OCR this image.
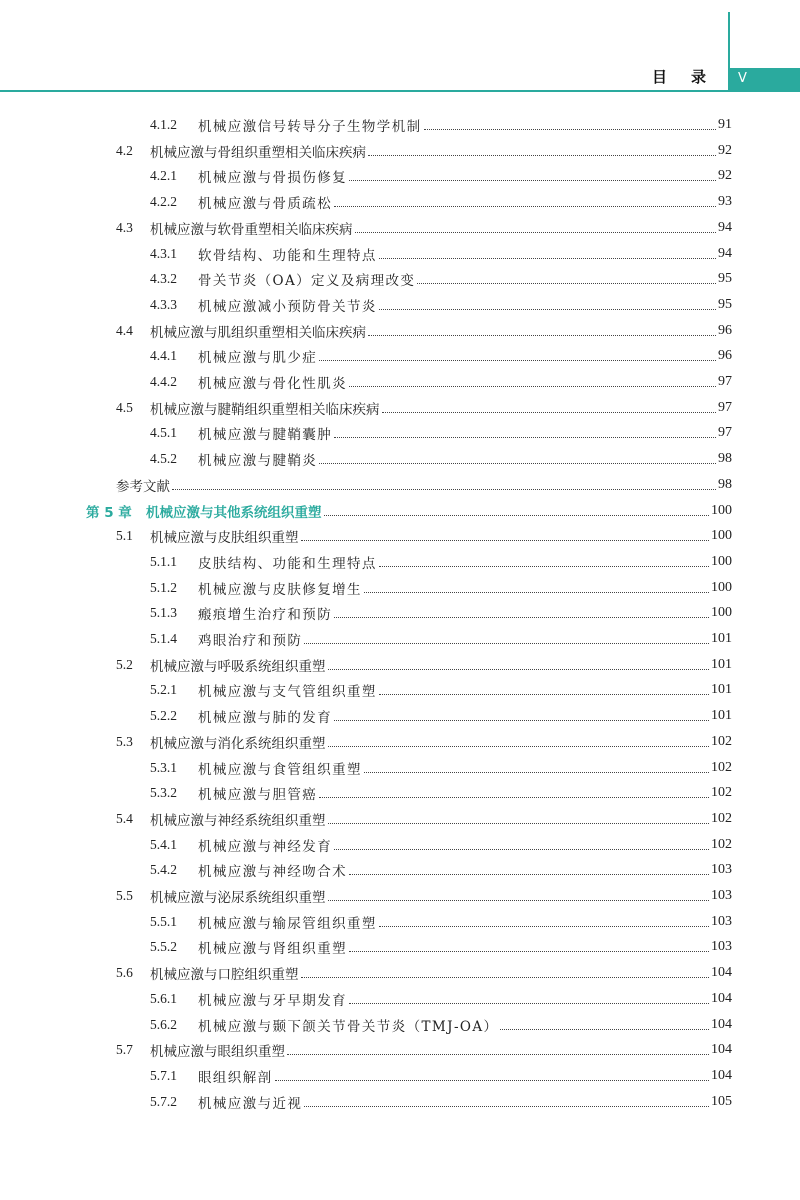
目 录	V
4.1.2	机械应激信号转导分子生物学机制	91
4.2	机械应激与骨组织重塑相关临床疾病	92
4.2.1	机械应激与骨损伤修复	92
4.2.2	机械应激与骨质疏松	93
4.3	机械应激与软骨重塑相关临床疾病	94
4.3.1	软骨结构、功能和生理特点	94
4.3.2	骨关节炎（OA）定义及病理改变	95
4.3.3	机械应激减小预防骨关节炎	95
4.4	机械应激与肌组织重塑相关临床疾病	96
4.4.1	机械应激与肌少症	96
4.4.2	机械应激与骨化性肌炎	97
4.5	机械应激与腱鞘组织重塑相关临床疾病	97
4.5.1	机械应激与腱鞘囊肿	97
4.5.2	机械应激与腱鞘炎	98
参考文献	98
第 5 章	机械应激与其他系统组织重塑	100
5.1	机械应激与皮肤组织重塑	100
5.1.1	皮肤结构、功能和生理特点	100
5.1.2	机械应激与皮肤修复增生	100
5.1.3	瘢痕增生治疗和预防	100
5.1.4	鸡眼治疗和预防	101
5.2	机械应激与呼吸系统组织重塑	101
5.2.1	机械应激与支气管组织重塑	101
5.2.2	机械应激与肺的发育	101
5.3	机械应激与消化系统组织重塑	102
5.3.1	机械应激与食管组织重塑	102
5.3.2	机械应激与胆管癌	102
5.4	机械应激与神经系统组织重塑	102
5.4.1	机械应激与神经发育	102
5.4.2	机械应激与神经吻合术	103
5.5	机械应激与泌尿系统组织重塑	103
5.5.1	机械应激与输尿管组织重塑	103
5.5.2	机械应激与肾组织重塑	103
5.6	机械应激与口腔组织重塑	104
5.6.1	机械应激与牙早期发育	104
5.6.2	机械应激与颞下颌关节骨关节炎（TMJ-OA）	104
5.7	机械应激与眼组织重塑	104
5.7.1	眼组织解剖	104
5.7.2	机械应激与近视	105
